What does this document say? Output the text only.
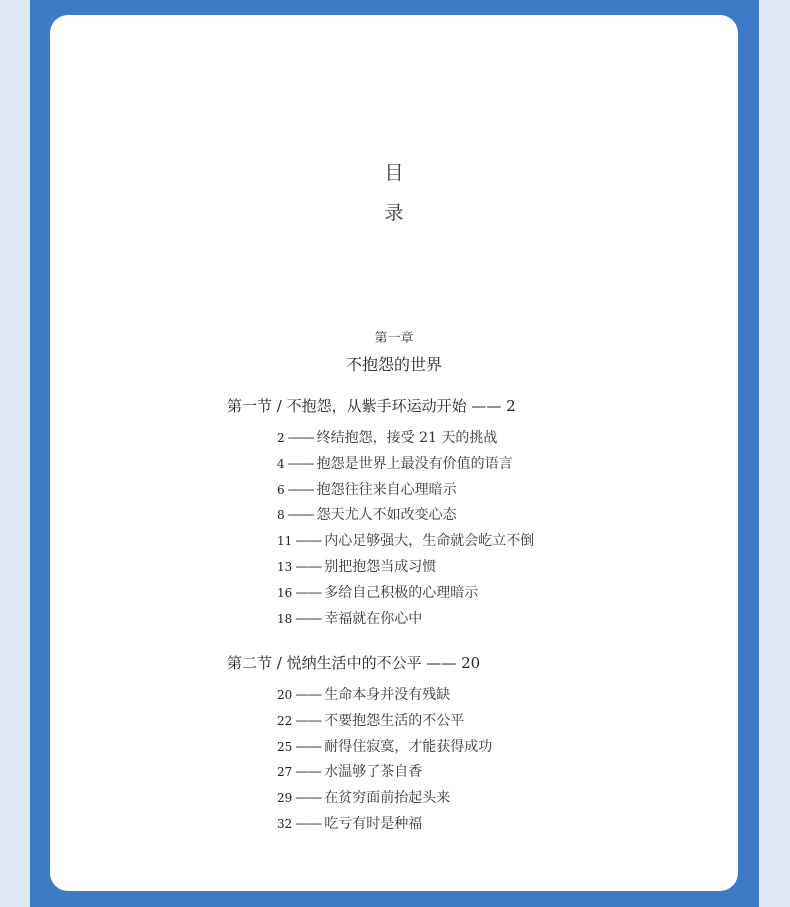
目
录
第一章
不抱怨的世界
第一节 / 不抱怨，从紫手环运动开始 —— 2
2 —— 终结抱怨，接受 21 天的挑战
4 —— 抱怨是世界上最没有价值的语言
6 —— 抱怨往往来自心理暗示
8 —— 怨天尤人不如改变心态
11 —— 内心足够强大，生命就会屹立不倒
13 —— 别把抱怨当成习惯
16 —— 多给自己积极的心理暗示
18 —— 幸福就在你心中
第二节 / 悦纳生活中的不公平 —— 20
20 —— 生命本身并没有残缺
22 —— 不要抱怨生活的不公平
25 —— 耐得住寂寞，才能获得成功
27 —— 水温够了茶自香
29 —— 在贫穷面前抬起头来
32 —— 吃亏有时是种福
